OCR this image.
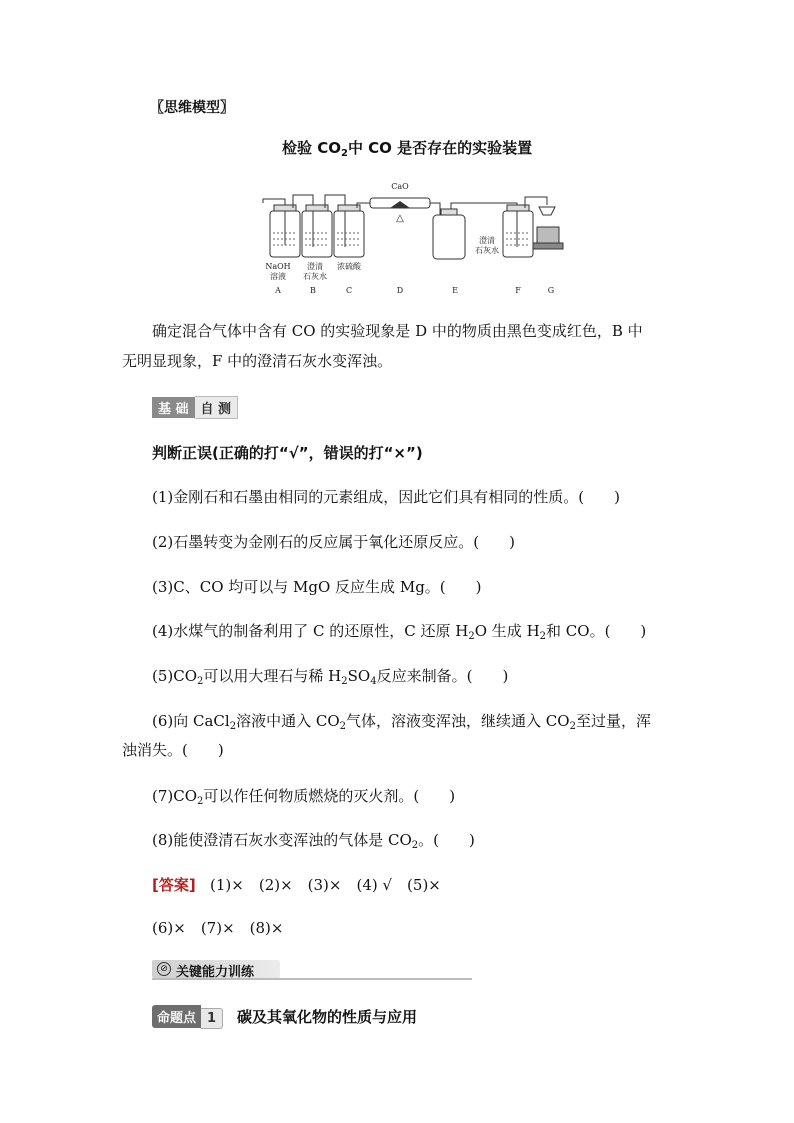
〖思维模型〗
检验 $CO_2$中 CO 是否存在的实验装置
CaO
△
NaOH
溶液
澄清
石灰水
浓硫酸
澄清
石灰水
A	B	C	D	E	F	G
确定混合气体中含有 CO 的实验现象是 D 中的物质由黑色变成红色，B 中
无明显现象，F 中的澄清石灰水变浑浊。
基 础 自 测
判断正误(正确的打“√”，错误的打“×”)
(1)金刚石和石墨由相同的元素组成，因此它们具有相同的性质。(　　)
(2)石墨转变为金刚石的反应属于氧化还原反应。(　　)
(3)C、CO 均可以与 MgO 反应生成 Mg。(　　)
(4)水煤气的制备利用了 C 的还原性，C 还原 $H_2O$ 生成 $H_2$和 CO。(　　)
$(5)CO_2$可以用大理石与稀 $H_2SO_4$反应来制备。(　　)
(6)向 CaCl$_2$溶液中通入 $CO_2$气体，溶液变浑浊，继续通入 $CO_2$至过量，浑
浊消失。(　　)
$(7)CO_2$可以作任何物质燃烧的灭火剂。(　　)
(8)能使澄清石灰水变浑浊的气体是 $CO_2$。(　　)
[答案] (1)×　(2)×　(3)×　(4) √　(5)×
(6)×　(7)×　(8)×
⊘ 关键能力训练
命题点 1	碳及其氧化物的性质与应用
